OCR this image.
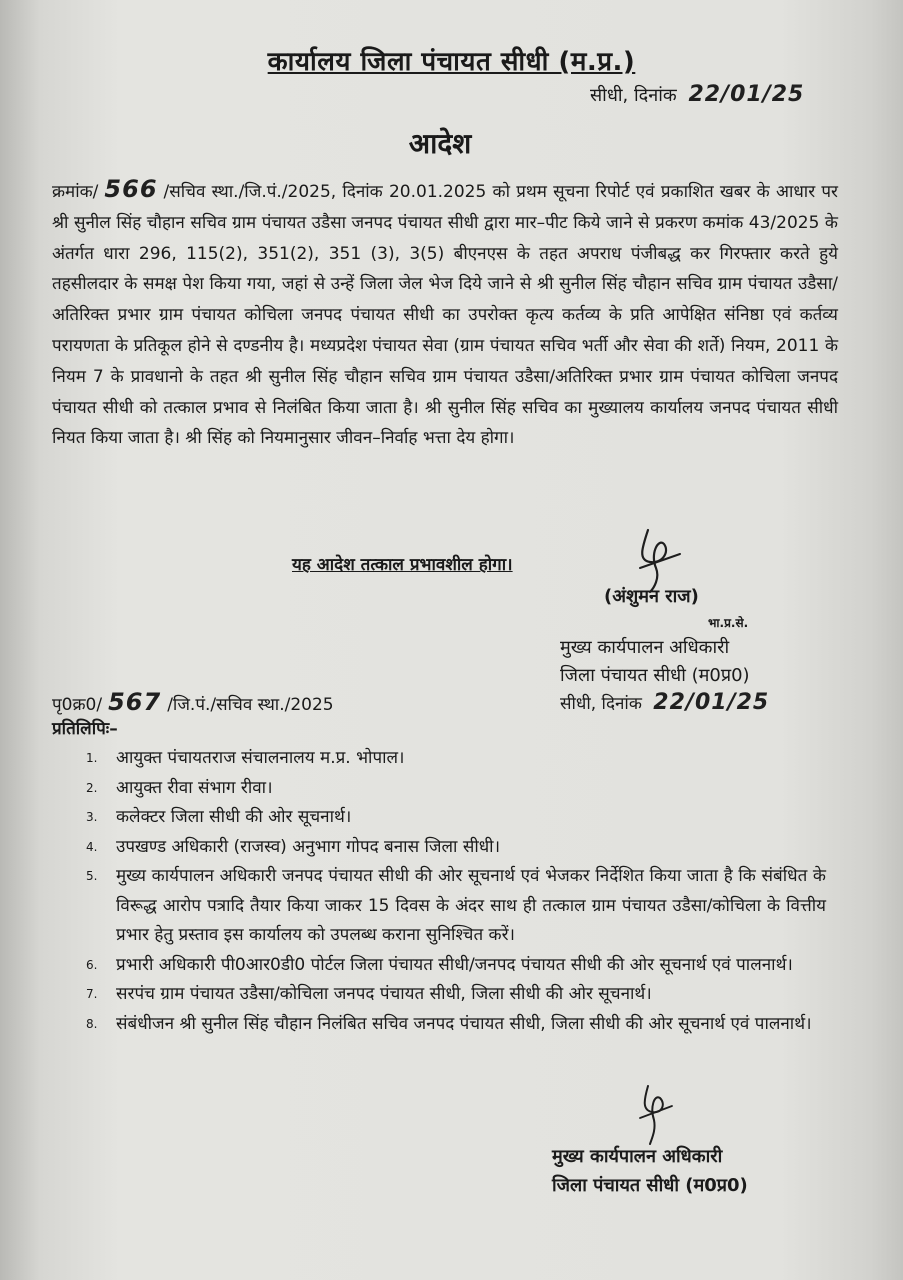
कार्यालय जिला पंचायत सीधी (म.प्र.)
सीधी, दिनांक 22/01/25
आदेश
क्रमांक/ 566 /सचिव स्था./जि.पं./2025, दिनांक 20.01.2025 को प्रथम सूचना रिपोर्ट एवं प्रकाशित खबर के आधार पर श्री सुनील सिंह चौहान सचिव ग्राम पंचायत उडैसा जनपद पंचायत सीधी द्वारा मार–पीट किये जाने से प्रकरण कमांक 43/2025 के अंतर्गत धारा 296, 115(2), 351(2), 351 (3), 3(5) बीएनएस के तहत अपराध पंजीबद्ध कर गिरफ्तार करते हुये तहसीलदार के समक्ष पेश किया गया, जहां से उन्हें जिला जेल भेज दिये जाने से श्री सुनील सिंह चौहान सचिव ग्राम पंचायत उडैसा/अतिरिक्त प्रभार ग्राम पंचायत कोचिला जनपद पंचायत सीधी का उपरोक्त कृत्य कर्तव्य के प्रति आपेक्षित संनिष्ठा एवं कर्तव्य परायणता के प्रतिकूल होने से दण्डनीय है। मध्यप्रदेश पंचायत सेवा (ग्राम पंचायत सचिव भर्ती और सेवा की शर्ते) नियम, 2011 के नियम 7 के प्रावधानो के तहत श्री सुनील सिंह चौहान सचिव ग्राम पंचायत उडैसा/अतिरिक्त प्रभार ग्राम पंचायत कोचिला जनपद पंचायत सीधी को तत्काल प्रभाव से निलंबित किया जाता है। श्री सुनील सिंह सचिव का मुख्यालय कार्यालय जनपद पंचायत सीधी नियत किया जाता है। श्री सिंह को नियमानुसार जीवन–निर्वाह भत्ता देय होगा।
यह आदेश तत्काल प्रभावशील होगा।
(अंशुमन राज)
भा.प्र.से.
मुख्य कार्यपालन अधिकारी
जिला पंचायत सीधी (म0प्र0)
सीधी, दिनांक 22/01/25
पृ0क्र0/ 567 /जि.पं./सचिव स्था./2025
प्रतिलिपिः–
1. आयुक्त पंचायतराज संचालनालय म.प्र. भोपाल।
2. आयुक्त रीवा संभाग रीवा।
3. कलेक्टर जिला सीधी की ओर सूचनार्थ।
4. उपखण्ड अधिकारी (राजस्व) अनुभाग गोपद बनास जिला सीधी।
5. मुख्य कार्यपालन अधिकारी जनपद पंचायत सीधी की ओर सूचनार्थ एवं भेजकर निर्देशित किया जाता है कि संबंधित के विरूद्ध आरोप पत्रादि तैयार किया जाकर 15 दिवस के अंदर साथ ही तत्काल ग्राम पंचायत उडैसा/कोचिला के वित्तीय प्रभार हेतु प्रस्ताव इस कार्यालय को उपलब्ध कराना सुनिश्चित करें।
6. प्रभारी अधिकारी पी0आर0डी0 पोर्टल जिला पंचायत सीधी/जनपद पंचायत सीधी की ओर सूचनार्थ एवं पालनार्थ।
7. सरपंच ग्राम पंचायत उडैसा/कोचिला जनपद पंचायत सीधी, जिला सीधी की ओर सूचनार्थ।
8. संबंधीजन श्री सुनील सिंह चौहान निलंबित सचिव जनपद पंचायत सीधी, जिला सीधी की ओर सूचनार्थ एवं पालनार्थ।
मुख्य कार्यपालन अधिकारी
जिला पंचायत सीधी (म0प्र0)
